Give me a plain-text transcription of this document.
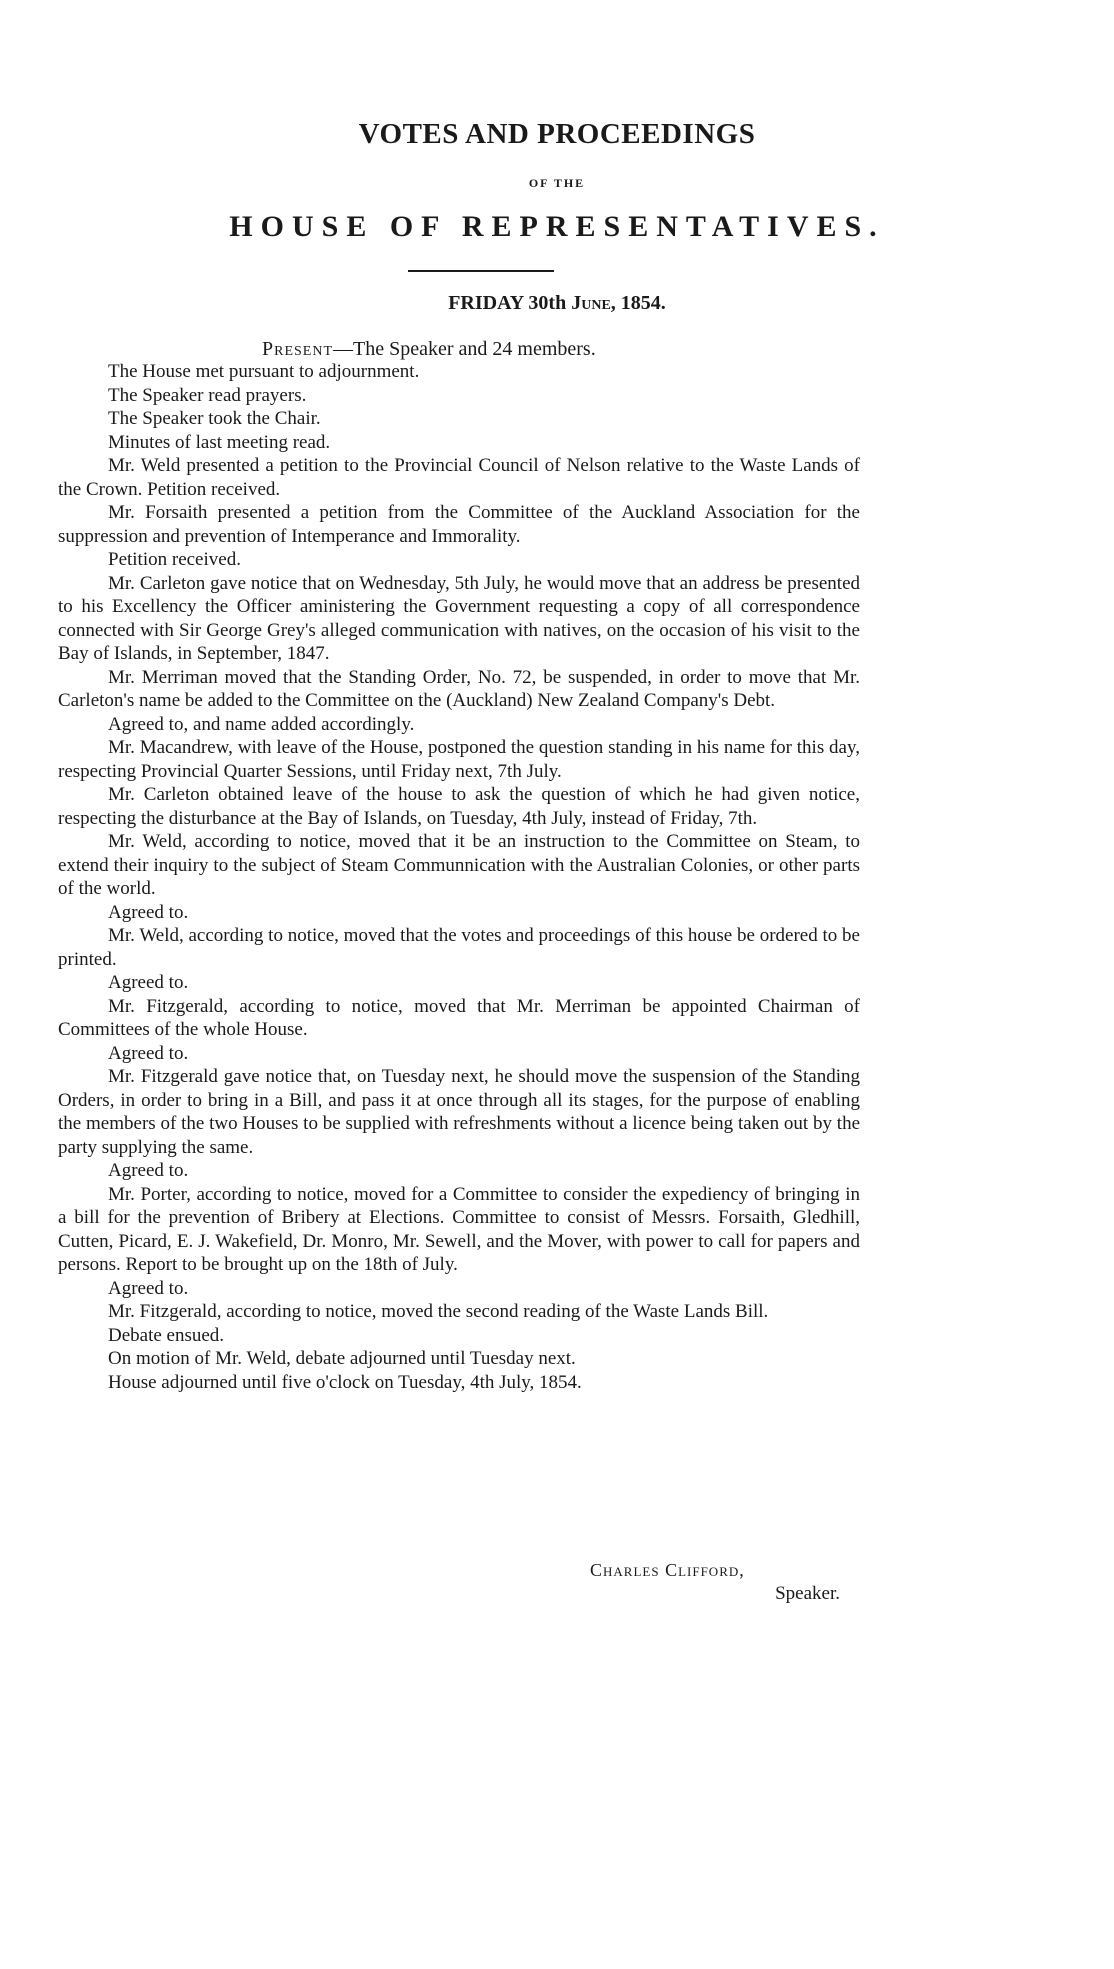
VOTES AND PROCEEDINGS
OF THE
HOUSE OF REPRESENTATIVES.

FRIDAY 30th June, 1854.

Present—The Speaker and 24 members.

The House met pursuant to adjournment.

The Speaker read prayers.

The Speaker took the Chair.

Minutes of last meeting read.

Mr. Weld presented a petition to the Provincial Council of Nelson relative to the Waste Lands of the Crown. Petition received.

Mr. Forsaith presented a petition from the Committee of the Auckland Association for the suppression and prevention of Intemperance and Immorality.

Petition received.

Mr. Carleton gave notice that on Wednesday, 5th July, he would move that an address be presented to his Excellency the Officer aministering the Government requesting a copy of all correspondence connected with Sir George Grey's alleged communication with natives, on the occasion of his visit to the Bay of Islands, in September, 1847.

Mr. Merriman moved that the Standing Order, No. 72, be suspended, in order to move that Mr. Carleton's name be added to the Committee on the (Auckland) New Zealand Company's Debt.

Agreed to, and name added accordingly.

Mr. Macandrew, with leave of the House, postponed the question standing in his name for this day, respecting Provincial Quarter Sessions, until Friday next, 7th July.

Mr. Carleton obtained leave of the house to ask the question of which he had given notice, respecting the disturbance at the Bay of Islands, on Tuesday, 4th July, instead of Friday, 7th.

Mr. Weld, according to notice, moved that it be an instruction to the Committee on Steam, to extend their inquiry to the subject of Steam Communnication with the Australian Colonies, or other parts of the world.

Agreed to.

Mr. Weld, according to notice, moved that the votes and proceedings of this house be ordered to be printed.

Agreed to.

Mr. Fitzgerald, according to notice, moved that Mr. Merriman be appointed Chairman of Committees of the whole House.

Agreed to.

Mr. Fitzgerald gave notice that, on Tuesday next, he should move the suspension of the Standing Orders, in order to bring in a Bill, and pass it at once through all its stages, for the purpose of enabling the members of the two Houses to be supplied with refreshments without a licence being taken out by the party supplying the same.

Agreed to.

Mr. Porter, according to notice, moved for a Committee to consider the expediency of bringing in a bill for the prevention of Bribery at Elections. Committee to consist of Messrs. Forsaith, Gledhill, Cutten, Picard, E. J. Wakefield, Dr. Monro, Mr. Sewell, and the Mover, with power to call for papers and persons. Report to be brought up on the 18th of July.

Agreed to.

Mr. Fitzgerald, according to notice, moved the second reading of the Waste Lands Bill.

Debate ensued.

On motion of Mr. Weld, debate adjourned until Tuesday next.

House adjourned until five o'clock on Tuesday, 4th July, 1854.

Charles Clifford,
Speaker.
